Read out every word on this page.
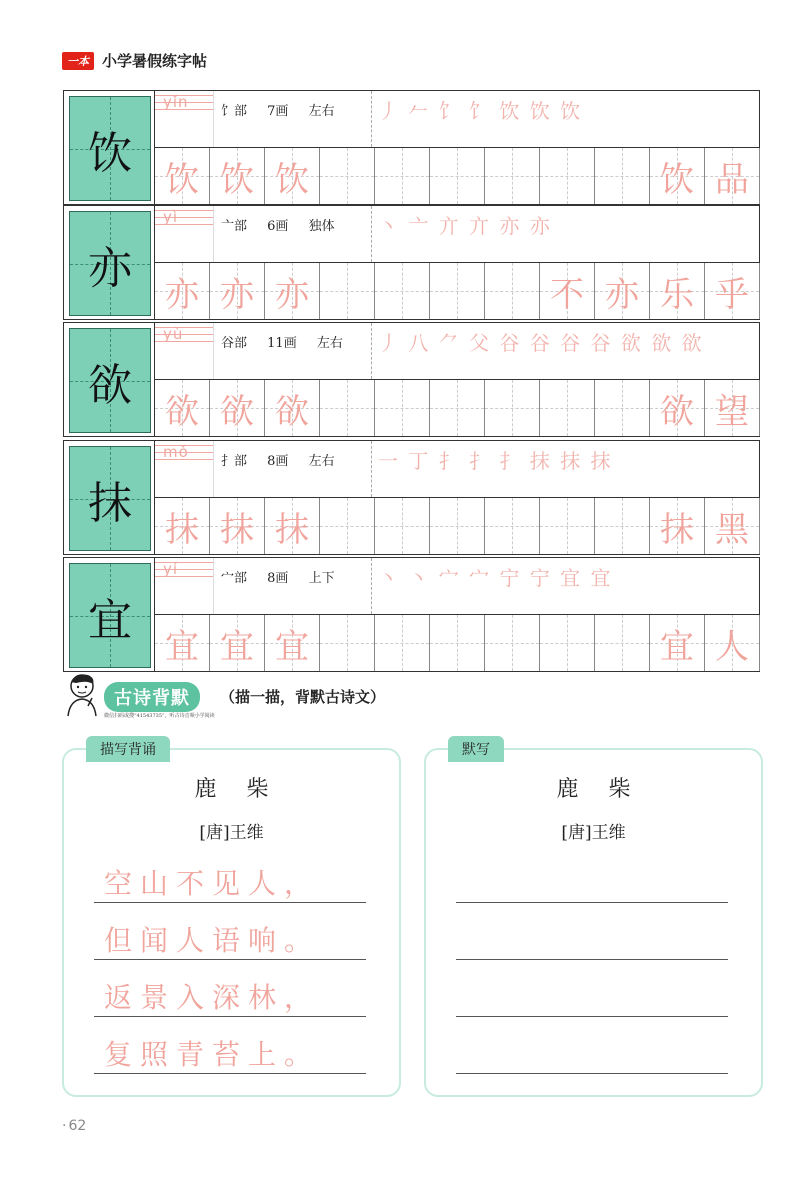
一本 小学暑假练字帖
饮
yǐn
饣部 7画 左右	丿 𠂉 饣 饣 饮 饮 饮
饮 饮 饮	饮 品
亦
yì
亠部 6画 独体	丶 亠 亣 亣 亦 亦
亦 亦 亦	不 亦 乐 乎
欲
yù
谷部 11画 左右	丿 八 ⺈ 父 谷 谷 谷 谷 欲 欲 欲
欲 欲 欲	欲 望
抹
mǒ
扌部 8画 左右	一 丁 扌 扌 扌 抹 抹 抹
抹 抹 抹	抹 黑
宜
yí
宀部 8画 上下	丶 丶 宀 宀 宁 宁 宜 宜
宜 宜 宜	宜 人
古诗背默	（描一描，背默古诗文）
微信扫码或搜“41543735”，听古诗音频小学阅读
描写背诵
鹿柴
[唐]王维
空山不见人，
但闻人语响。
返景入深林，
复照青苔上。
默写
鹿柴
[唐]王维
· 62
